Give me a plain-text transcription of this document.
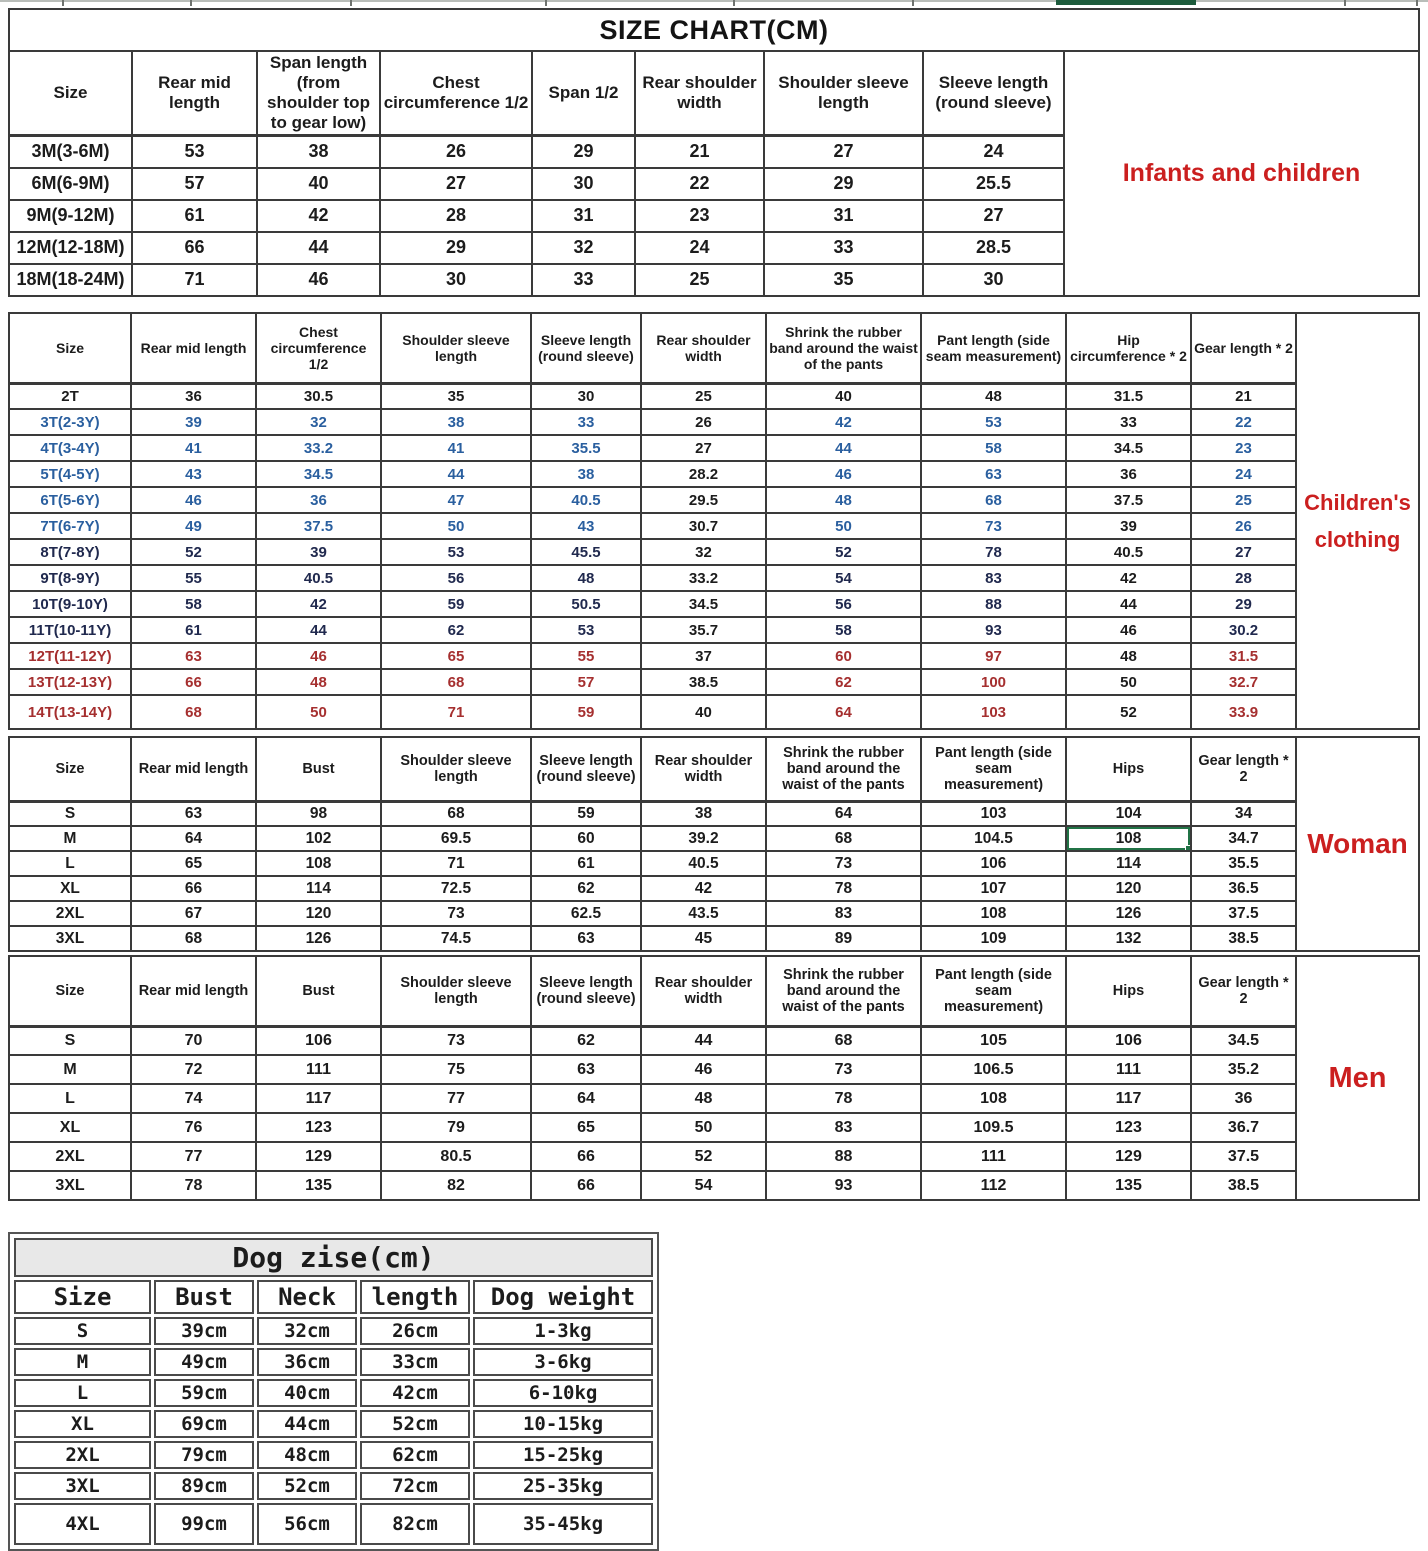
SIZE CHART(CM)
Size	Rear mid length	Span length (from shoulder top to gear low)	Chest circumference 1/2	Span 1/2	Rear shoulder width	Shoulder sleeve length	Sleeve length (round sleeve)
3M(3-6M)	53	38	26	29	21	27	24
6M(6-9M)	57	40	27	30	22	29	25.5
9M(9-12M)	61	42	28	31	23	31	27
12M(12-18M)	66	44	29	32	24	33	28.5
18M(18-24M)	71	46	30	33	25	35	30
Infants and children
Size	Rear mid length	Chest circumference 1/2	Shoulder sleeve length	Sleeve length (round sleeve)	Rear shoulder width	Shrink the rubber band around the waist of the pants	Pant length (side seam measurement)	Hip circumference * 2	Gear length * 2
2T	36	30.5	35	30	25	40	48	31.5	21
3T(2-3Y)	39	32	38	33	26	42	53	33	22
4T(3-4Y)	41	33.2	41	35.5	27	44	58	34.5	23
5T(4-5Y)	43	34.5	44	38	28.2	46	63	36	24
6T(5-6Y)	46	36	47	40.5	29.5	48	68	37.5	25
7T(6-7Y)	49	37.5	50	43	30.7	50	73	39	26
8T(7-8Y)	52	39	53	45.5	32	52	78	40.5	27
9T(8-9Y)	55	40.5	56	48	33.2	54	83	42	28
10T(9-10Y)	58	42	59	50.5	34.5	56	88	44	29
11T(10-11Y)	61	44	62	53	35.7	58	93	46	30.2
12T(11-12Y)	63	46	65	55	37	60	97	48	31.5
13T(12-13Y)	66	48	68	57	38.5	62	100	50	32.7
14T(13-14Y)	68	50	71	59	40	64	103	52	33.9
Children's clothing
Size	Rear mid length	Bust	Shoulder sleeve length	Sleeve length (round sleeve)	Rear shoulder width	Shrink the rubber band around the waist of the pants	Pant length (side seam measurement)	Hips	Gear length * 2
S	63	98	68	59	38	64	103	104	34
M	64	102	69.5	60	39.2	68	104.5	108	34.7
L	65	108	71	61	40.5	73	106	114	35.5
XL	66	114	72.5	62	42	78	107	120	36.5
2XL	67	120	73	62.5	43.5	83	108	126	37.5
3XL	68	126	74.5	63	45	89	109	132	38.5
Woman
Size	Rear mid length	Bust	Shoulder sleeve length	Sleeve length (round sleeve)	Rear shoulder width	Shrink the rubber band around the waist of the pants	Pant length (side seam measurement)	Hips	Gear length * 2
S	70	106	73	62	44	68	105	106	34.5
M	72	111	75	63	46	73	106.5	111	35.2
L	74	117	77	64	48	78	108	117	36
XL	76	123	79	65	50	83	109.5	123	36.7
2XL	77	129	80.5	66	52	88	111	129	37.5
3XL	78	135	82	66	54	93	112	135	38.5
Men
Dog zise(cm)				
Size	Bust	Neck	length	Dog weight
S	39cm	32cm	26cm	1-3kg
M	49cm	36cm	33cm	3-6kg
L	59cm	40cm	42cm	6-10kg
XL	69cm	44cm	52cm	10-15kg
2XL	79cm	48cm	62cm	15-25kg
3XL	89cm	52cm	72cm	25-35kg
4XL	99cm	56cm	82cm	35-45kg
